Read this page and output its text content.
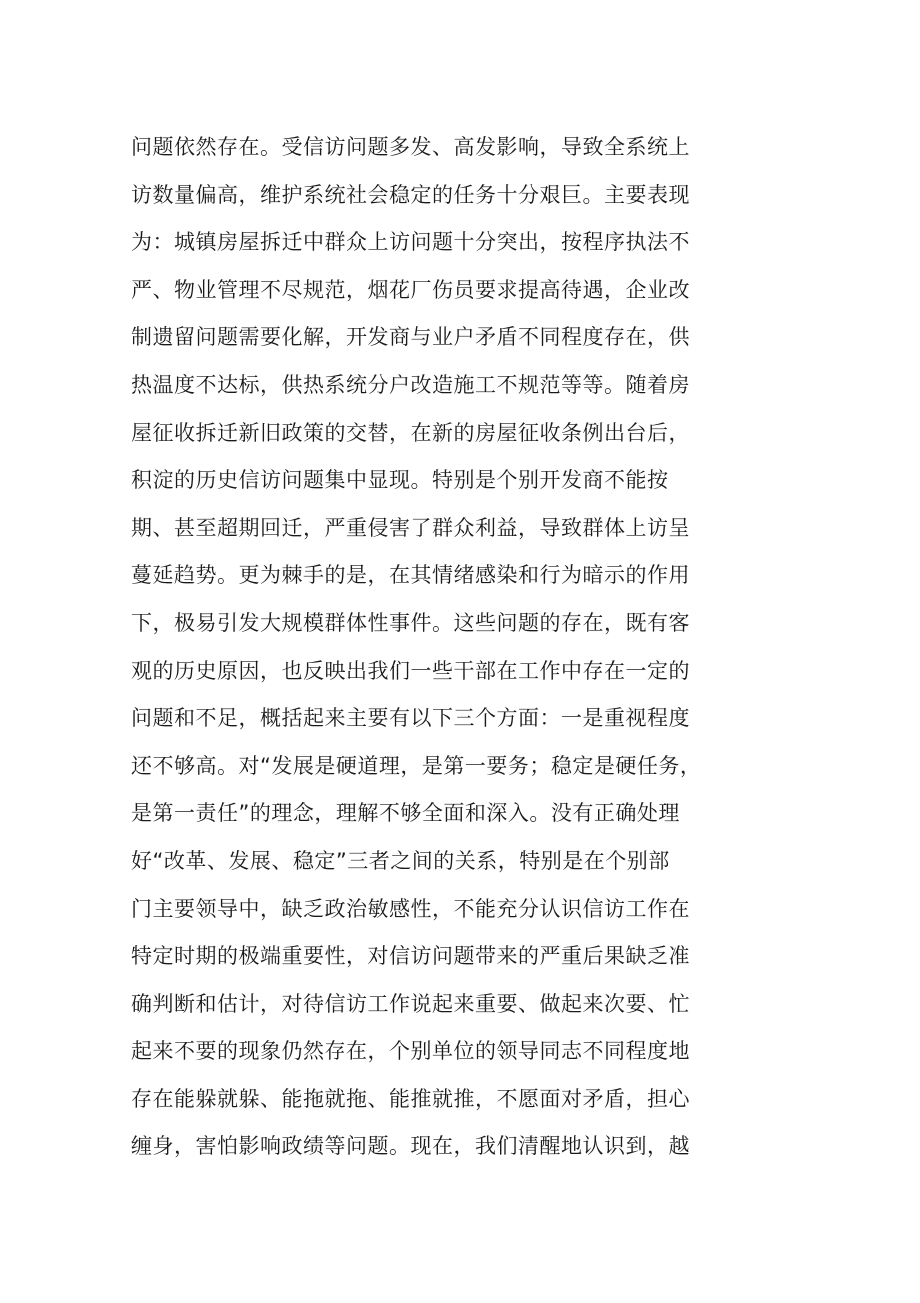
问题依然存在。受信访问题多发、高发影响，导致全系统上
访数量偏高，维护系统社会稳定的任务十分艰巨。主要表现
为：城镇房屋拆迁中群众上访问题十分突出，按程序执法不
严、物业管理不尽规范，烟花厂伤员要求提高待遇，企业改
制遗留问题需要化解，开发商与业户矛盾不同程度存在，供
热温度不达标，供热系统分户改造施工不规范等等。随着房
屋征收拆迁新旧政策的交替，在新的房屋征收条例出台后，
积淀的历史信访问题集中显现。特别是个别开发商不能按
期、甚至超期回迁，严重侵害了群众利益，导致群体上访呈
蔓延趋势。更为棘手的是，在其情绪感染和行为暗示的作用
下，极易引发大规模群体性事件。这些问题的存在，既有客
观的历史原因，也反映出我们一些干部在工作中存在一定的
问题和不足，概括起来主要有以下三个方面：一是重视程度
还不够高。对“发展是硬道理，是第一要务；稳定是硬任务，
是第一责任”的理念，理解不够全面和深入。没有正确处理
好“改革、发展、稳定”三者之间的关系，特别是在个别部
门主要领导中，缺乏政治敏感性，不能充分认识信访工作在
特定时期的极端重要性，对信访问题带来的严重后果缺乏准
确判断和估计，对待信访工作说起来重要、做起来次要、忙
起来不要的现象仍然存在，个别单位的领导同志不同程度地
存在能躲就躲、能拖就拖、能推就推，不愿面对矛盾，担心
缠身，害怕影响政绩等问题。现在，我们清醒地认识到，越
